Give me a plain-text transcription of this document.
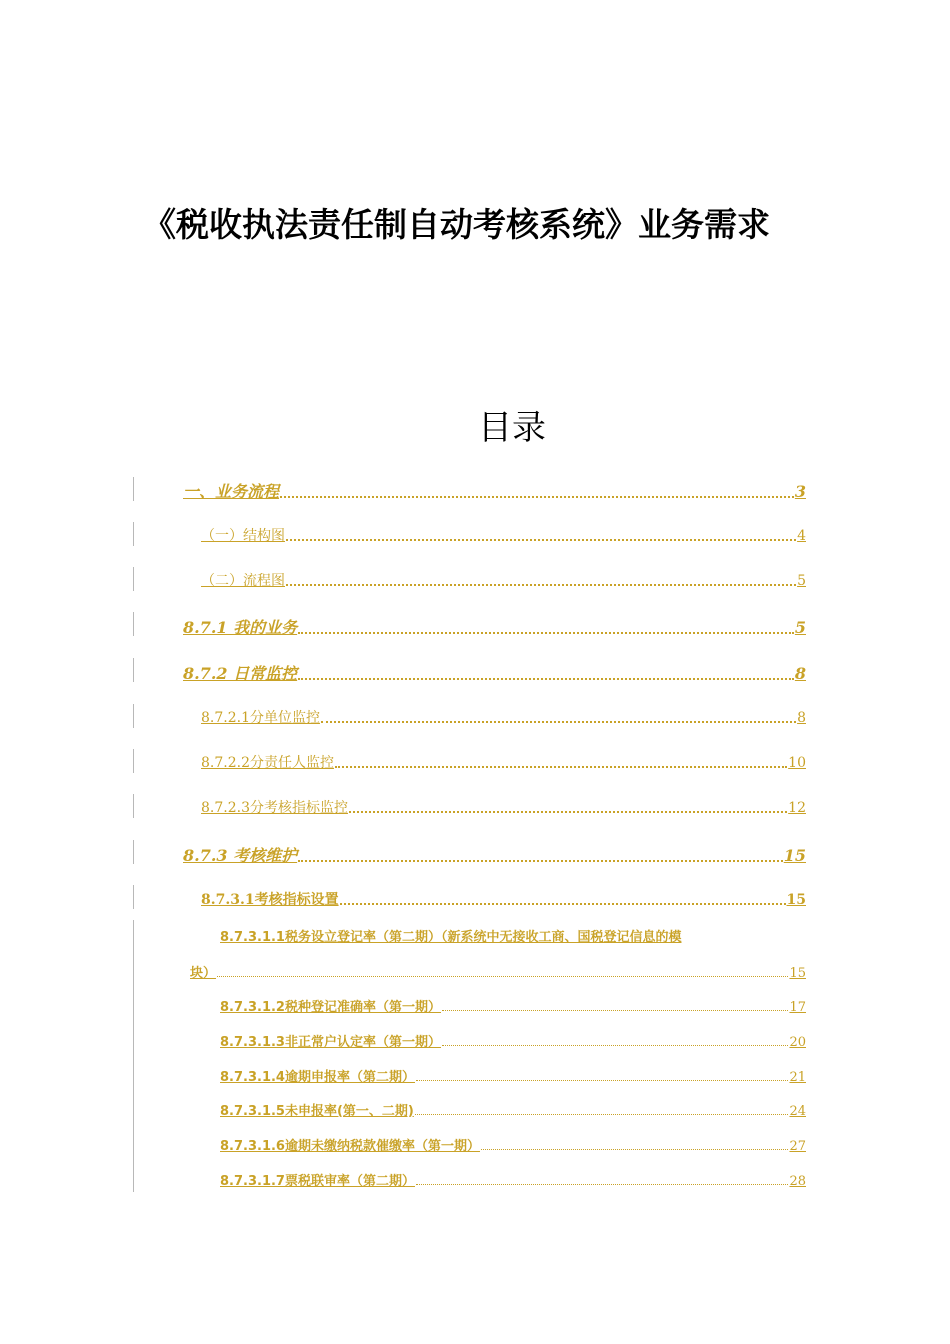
《税收执法责任制自动考核系统》业务需求
目录
一、业务流程	3
（一）结构图	4
（二）流程图	5
8.7.1 我的业务	5
8.7.2 日常监控	8
8.7.2.1分单位监控	8
8.7.2.2分责任人监控	10
8.7.2.3分考核指标监控	12
8.7.3 考核维护	15
8.7.3.1考核指标设置	15
8.7.3.1.1税务设立登记率（第二期）（新系统中无接收工商、国税登记信息的模
块）	15
8.7.3.1.2税种登记准确率（第一期）	17
8.7.3.1.3非正常户认定率（第一期）	20
8.7.3.1.4逾期申报率（第二期）	21
8.7.3.1.5未申报率(第一、二期)	24
8.7.3.1.6逾期未缴纳税款催缴率（第一期）	27
8.7.3.1.7票税联审率（第二期）	28
